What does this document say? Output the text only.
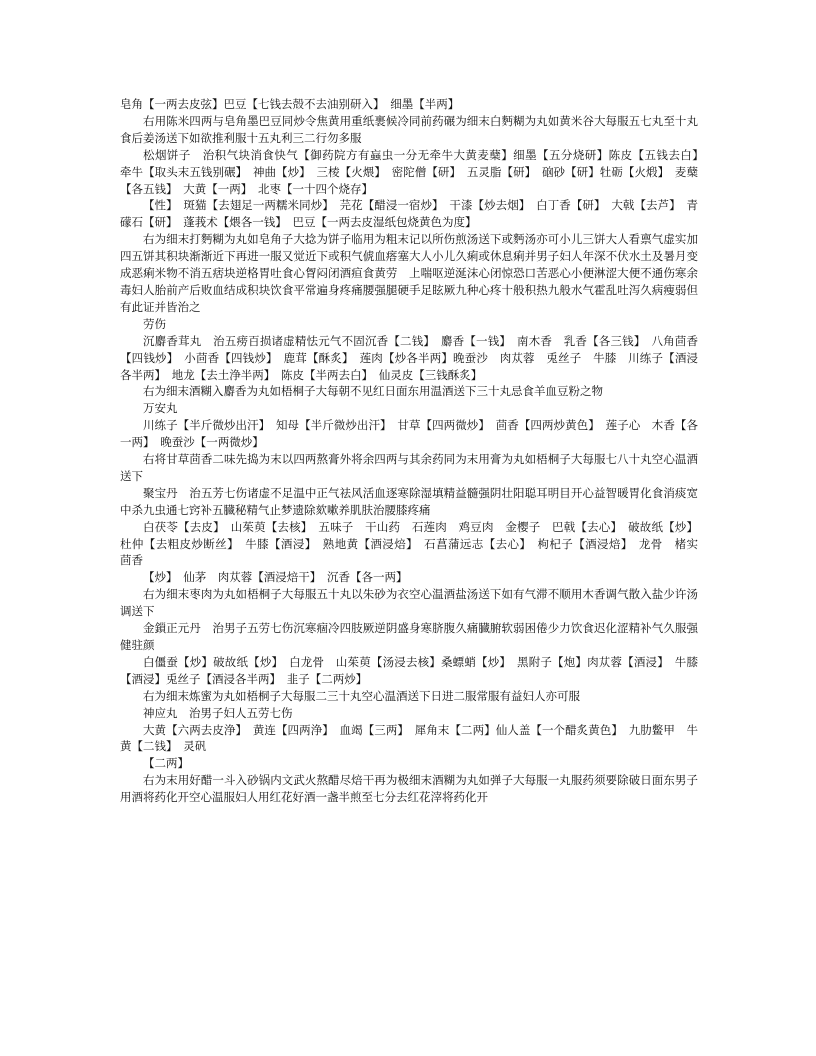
皂角【一两去皮弦】巴豆【七钱去殻不去油别研入】　细墨【半两】

右用陈米四两与皂角墨巴豆同炒令焦黄用重纸裹候冷同前药碾为细末白麪糊为丸如黄米谷大每服五七丸至十丸食后姜汤送下如欲推利服十五丸利三二行勿多服

松烟饼子　治积气块消食快气【御药院方有蝱虫一分无牵牛大黄麦蘖】细墨【五分烧研】陈皮【五钱去白】　牵牛【取头末五钱别碾】　神曲【炒】　三棱【火煨】　密陀僧【研】　五灵脂【研】　硇砂【研】牡砺【火煅】　麦蘖【各五钱】　大黄【一两】　北枣【一十四个烧存】

【性】　斑猫【去翅足一两糯米同炒】　芫花【醋浸一宿炒】　干漆【炒去烟】　白丁香【研】　大戟【去芦】　青礞石【研】　蓬莪术【煨各一钱】　巴豆【一两去皮湿纸包烧黄色为度】

右为细末打麪糊为丸如皂角子大捻为饼子临用为粗末记以所伤煎汤送下或麪汤亦可小儿三饼大人看禀气虚实加四五饼其积块渐渐近下再进一服又觉近下或积气俿血瘩塞大人小儿久痢或休息痢并男子妇人年深不伏水土及暑月变成恶痢米物不消五痞块逆格胃吐食心胷闷闭酒疸食黄劳　上喘呕逆涎沫心闭惊恐口苦恶心小便淋涩大便不通伤寒余毒妇人胎前产后败血结成积块饮食平常遍身疼痛腰强腿硬手足眩厥九种心疼十般积热九般水气霍乱吐泻久病瘦弱但有此证并皆治之

劳伤

沉麝香茸丸　治五痨百损诸虚精怯元气不固沉香【二钱】　麝香【一钱】　南木香　乳香【各三钱】　八角茴香【四钱炒】　小茴香【四钱炒】　鹿茸【酥炙】　莲肉【炒各半两】晚蚕沙　肉苁蓉　兎丝子　牛膝　川练子【酒浸各半两】　地龙【去土浄半两】　陈皮【半两去白】　仙灵皮【三钱酥炙】

右为细末酒糊入麝香为丸如梧桐子大每朝不见红日面东用温酒送下三十丸忌食羊血豆粉之物

万安丸

川练子【半斤微炒出汗】　知母【半斤微炒出汗】　甘草【四两微炒】　茴香【四两炒黄色】　莲子心　木香【各一两】　晚蚕沙【一两微炒】

右将甘草茴香二味先捣为末以四两熬膏外将余四两与其余药同为末用膏为丸如梧桐子大每服七八十丸空心温酒送下

聚宝丹　治五芳七伤诸虚不足温中正气祛风活血逐寒除湿填精益髓强阴壮阳聪耳明目开心益智暖胃化食消痰宽中杀九虫通七窍补五臓秘精气止梦遗除欬嗽养肌肤治腰膝疼痛

白茯苓【去皮】　山茱萸【去核】　五味子　干山药　石莲肉　鸡豆肉　金樱子　巴戟【去心】　破故纸【炒】杜仲【去粗皮炒断丝】　牛膝【酒浸】　熟地黄【酒浸焙】　石菖蒲远志【去心】　枸杞子【酒浸焙】　龙骨　楮实　茴香

【炒】　仙茅　肉苁蓉【酒浸焙干】　沉香【各一两】

右为细末枣肉为丸如梧桐子大每服五十丸以朱砂为衣空心温酒盐汤送下如有气滞不顺用木香调气散入盐少许汤调送下

金鎻正元丹　治男子五劳七伤沉寒痼冷四肢厥逆阴盛身寒脐腹久痛臓腑软弱困倦少力饮食迟化涩精补气久服强健驻颜

白僵蚕【炒】破故纸【炒】　白龙骨　山茱萸【汤浸去核】桑螵蛸【炒】　黑附子【炮】肉苁蓉【酒浸】　牛膝【酒浸】兎丝子【酒浸各半两】　韭子【二两炒】

右为细末炼蜜为丸如梧桐子大每服二三十丸空心温酒送下日进二服常服有益妇人亦可服

神应丸　治男子妇人五劳七伤

大黄【六两去皮浄】　黄连【四两浄】　血竭【三两】　犀角末【二两】仙人盖【一个醋炙黄色】　九肋鳖甲　牛黄【二钱】　灵矾

【二两】

右为末用好醋一斗入砂锅内文武火熬醋尽焙干再为极细末酒糊为丸如弹子大每服一丸服药须要除破日面东男子用酒将药化开空心温服妇人用红花好酒一盏半煎至七分去红花滓将药化开
